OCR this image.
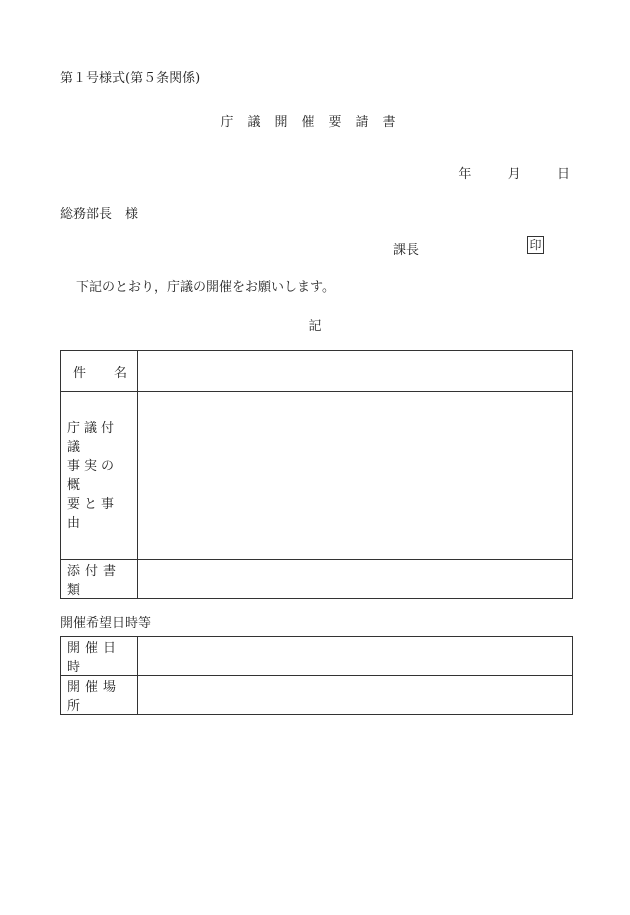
第１号様式(第５条関係)
庁議開催要請書
年	月	日
総務部長　様
課長	印
下記のとおり，庁議の開催をお願いします。
記
件 名	

庁議付議
事実の概
要と事由	

添付書類	

開催希望日時等
開催日時	

開催場所	
